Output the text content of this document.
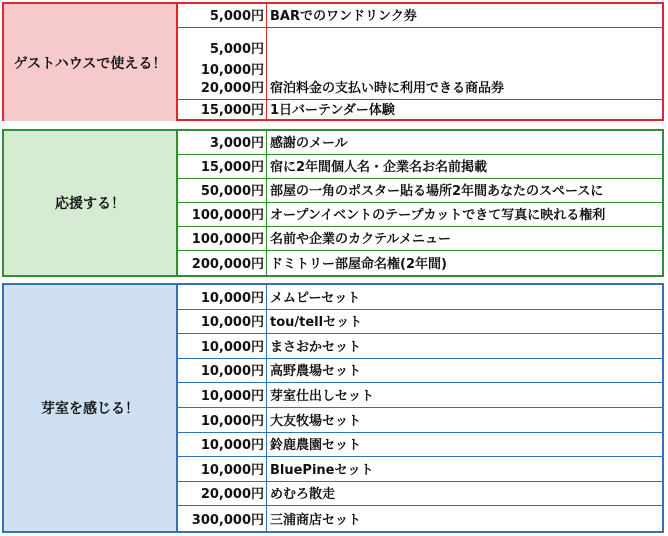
ゲストハウスで使える！
5,000円 BARでのワンドリンク券
5,000円
10,000円
20,000円 宿泊料金の支払い時に利用できる商品券
15,000円 1日バーテンダー体験
応援する！
3,000円 感謝のメール
15,000円 宿に2年間個人名・企業名お名前掲載
50,000円 部屋の一角のポスター貼る場所2年間あなたのスペースに
100,000円 オープンイベントのテープカットできて写真に映れる権利
100,000円 名前や企業のカクテルメニュー
200,000円 ドミトリー部屋命名権(2年間)
芽室を感じる！
10,000円 メムピーセット
10,000円 tou/tellセット
10,000円 まさおかセット
10,000円 高野農場セット
10,000円 芽室仕出しセット
10,000円 大友牧場セット
10,000円 鈴鹿農園セット
10,000円 BluePineセット
20,000円 めむろ散走
300,000円 三浦商店セット
